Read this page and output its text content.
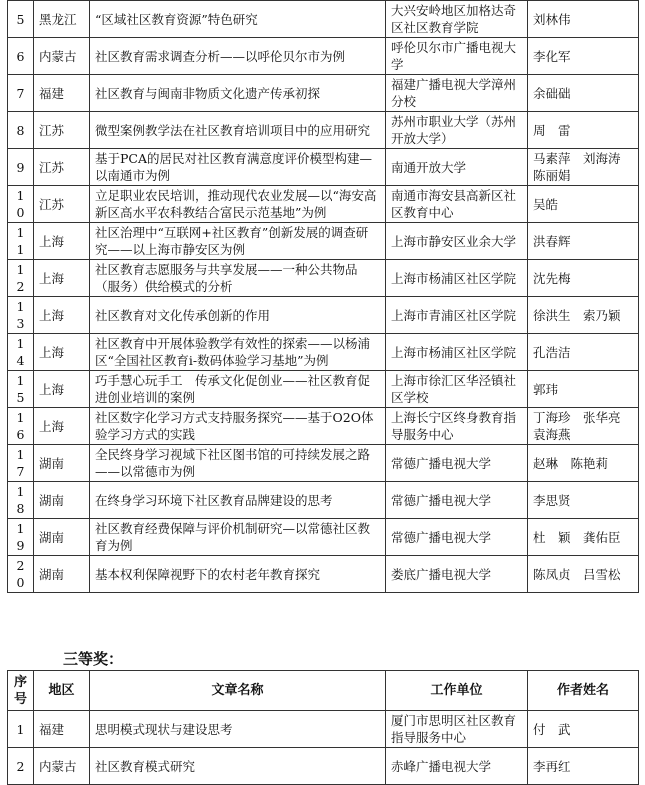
5	黑龙江	“区域社区教育资源”特色研究	大兴安岭地区加格达奇区社区教育学院	刘林伟
6	内蒙古	社区教育需求调查分析——以呼伦贝尔市为例	呼伦贝尔市广播电视大学	李化军
7	福建	社区教育与闽南非物质文化遗产传承初探	福建广播电视大学漳州分校	余础础
8	江苏	微型案例教学法在社区教育培训项目中的应用研究	苏州市职业大学（苏州开放大学）	周　雷
9	江苏	基于PCA的居民对社区教育满意度评价模型构建—以南通市为例	南通开放大学	马素萍　刘海涛　陈丽娟
10	江苏	立足职业农民培训，推动现代农业发展—以“海安高新区高水平农科教结合富民示范基地”为例	南通市海安县高新区社区教育中心	吴皓
11	上海	社区治理中“互联网+社区教育”创新发展的调查研究——以上海市静安区为例	上海市静安区业余大学	洪春辉
12	上海	社区教育志愿服务与共享发展——一种公共物品（服务）供给模式的分析	上海市杨浦区社区学院	沈先梅
13	上海	社区教育对文化传承创新的作用	上海市青浦区社区学院	徐洪生　索乃颖
14	上海	社区教育中开展体验教学有效性的探索——以杨浦区“全国社区教育i-数码体验学习基地”为例	上海市杨浦区社区学院	孔浩洁
15	上海	巧手慧心玩手工　传承文化促创业——社区教育促进创业培训的案例	上海市徐汇区华泾镇社区学校	郭玮
16	上海	社区数字化学习方式支持服务探究——基于O2O体验学习方式的实践	上海长宁区终身教育指导服务中心	丁海珍　张华亮　袁海燕
17	湖南	全民终身学习视域下社区图书馆的可持续发展之路——以常德市为例	常德广播电视大学	赵琳　陈艳莉
18	湖南	在终身学习环境下社区教育品牌建设的思考	常德广播电视大学	李思贤
19	湖南	社区教育经费保障与评价机制研究—以常德社区教育为例	常德广播电视大学	杜　颖　龚佑臣
20	湖南	基本权利保障视野下的农村老年教育探究	娄底广播电视大学	陈凤贞　吕雪松
三等奖：
序号	地区	文章名称	工作单位	作者姓名
1	福建	思明模式现状与建设思考	厦门市思明区社区教育指导服务中心	付　武
2	内蒙古	社区教育模式研究	赤峰广播电视大学	李再红
